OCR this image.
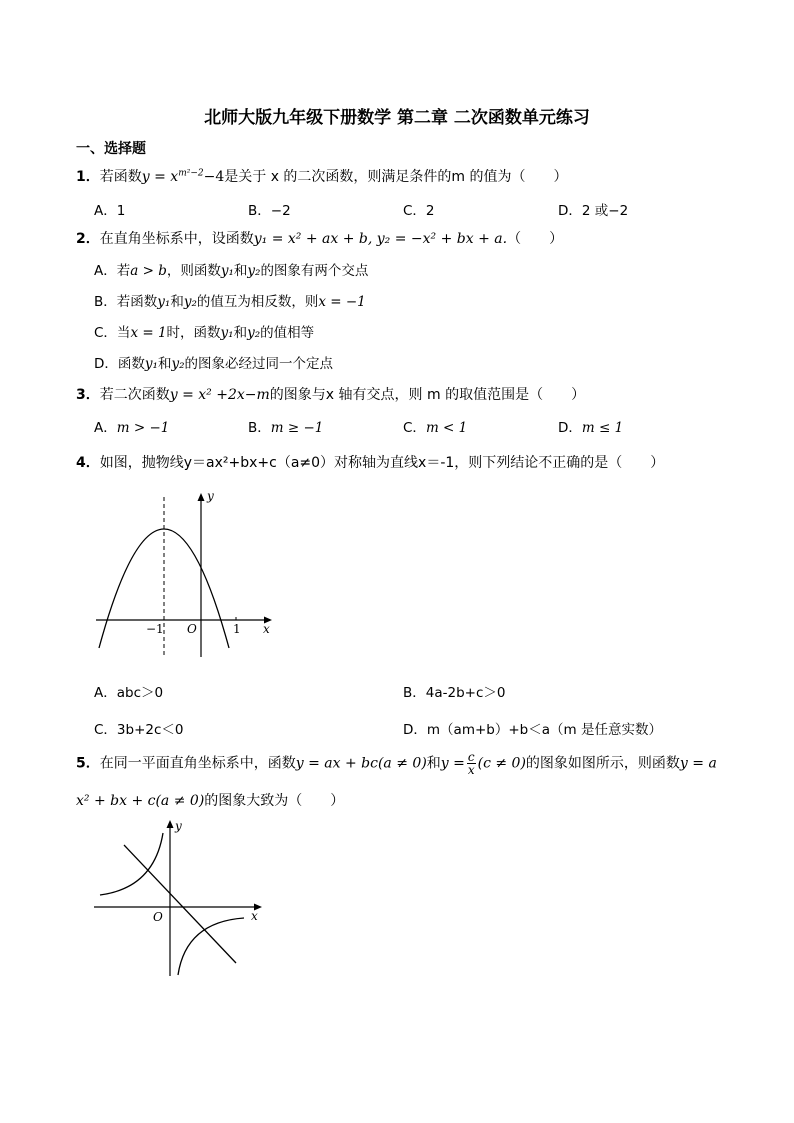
北师大版九年级下册数学 第二章 二次函数单元练习
一、选择题
1．若函数$y = x^{m^2-2}-4$是关于 x 的二次函数，则满足条件的m 的值为（　　）
A．1	B．−2	C．2	D．2 或−2
2．在直角坐标系中，设函数y₁ = x² + ax + b, y₂ = −x² + bx + a.（　　）
A．若a > b，则函数y₁和y₂的图象有两个交点
B．若函数y₁和y₂的值互为相反数，则x = −1
C．当x = 1时，函数y₁和y₂的值相等
D．函数y₁和y₂的图象必经过同一个定点
3．若二次函数y = x² +2x−m的图象与x 轴有交点，则 m 的取值范围是（　　）
A．m > −1	B．m ≥ −1	C．m < 1	D．m ≤ 1
4．如图，抛物线y＝ax²+bx+c（a≠0）对称轴为直线x＝-1，则下列结论不正确的是（　　）
y
x
O
−1	1
A．abc＞0	B．4a-2b+c＞0
C．3b+2c＜0	D．m（am+b）+b＜a（m 是任意实数）
5．在同一平面直角坐标系中，函数y = ax + bc(a ≠ 0)和$y = \frac{c}{x} (c \ne 0)$的图象如图所示，则函数y = a
x² + bx + c(a ≠ 0)的图象大致为（　　）
y
x
O
